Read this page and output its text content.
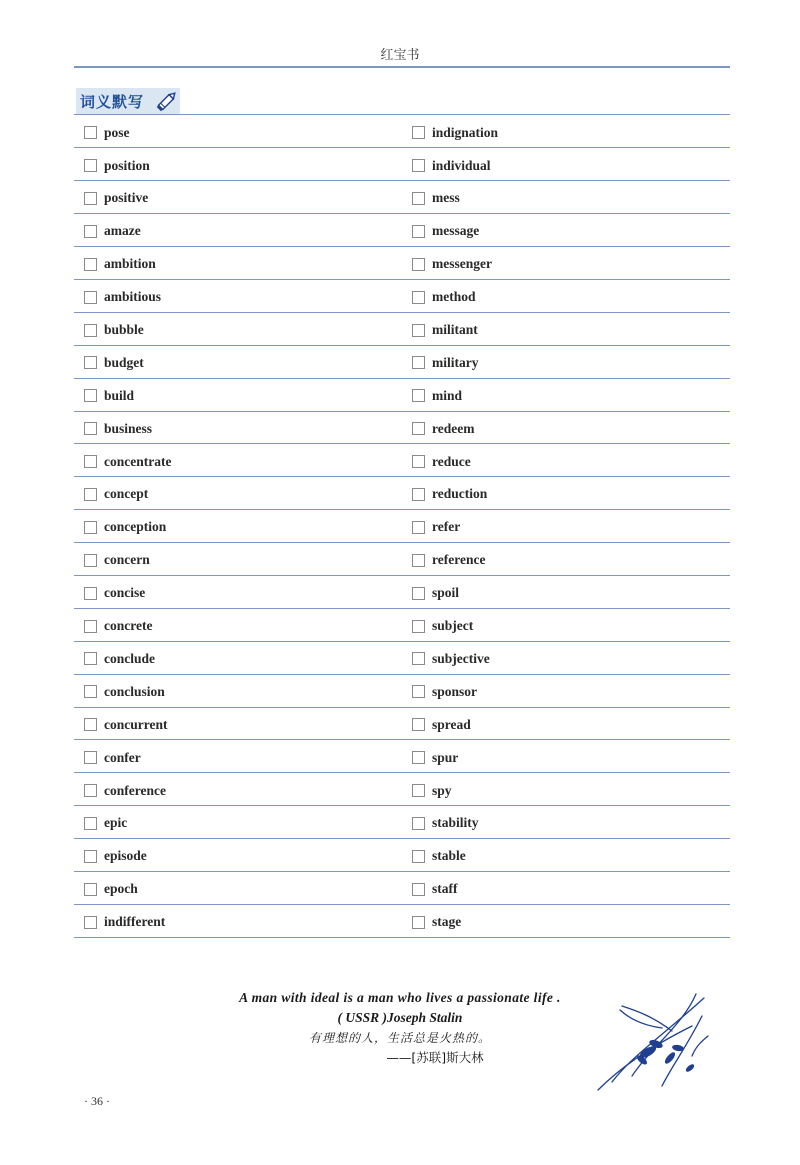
红宝书
词义默写
pose	indignation
position	individual
positive	mess
amaze	message
ambition	messenger
ambitious	method
bubble	militant
budget	military
build	mind
business	redeem
concentrate	reduce
concept	reduction
conception	refer
concern	reference
concise	spoil
concrete	subject
conclude	subjective
conclusion	sponsor
concurrent	spread
confer	spur
conference	spy
epic	stability
episode	stable
epoch	staff
indifferent	stage
A man with ideal is a man who lives a passionate life .
( USSR )Joseph Stalin
有理想的人，生活总是火热的。
——[苏联]斯大林
· 36 ·
